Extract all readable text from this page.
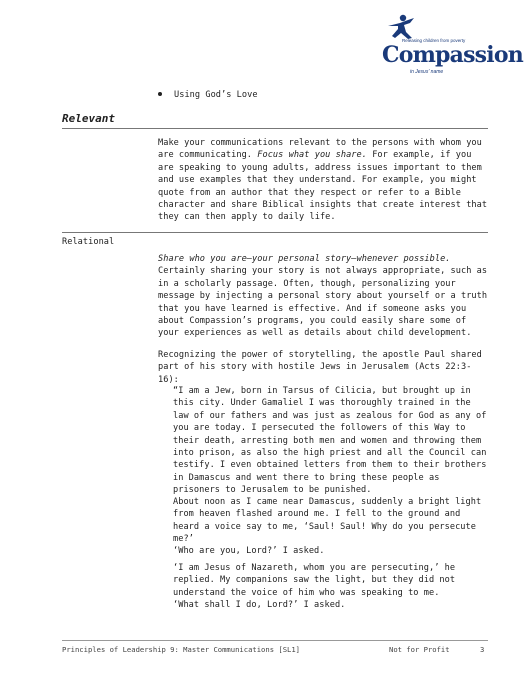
Releasing children from poverty
Compassion
in Jesus' name
Using God’s Love
Relevant
Make your communications relevant to the persons with whom you are communicating. Focus what you share. For example, if you are speaking to young adults, address issues important to them and use examples that they understand. For example, you might quote from an author that they respect or refer to a Bible character and share Biblical insights that create interest that they can then apply to daily life.
Relational
Share who you are—your personal story—whenever possible. Certainly sharing your story is not always appropriate, such as in a scholarly passage. Often, though, personalizing your message by injecting a personal story about yourself or a truth that you have learned is effective. And if someone asks you about Compassion’s programs, you could easily share some of your experiences as well as details about child development.
Recognizing the power of storytelling, the apostle Paul shared part of his story with hostile Jews in Jerusalem (Acts 22:3-16):
“I am a Jew, born in Tarsus of Cilicia, but brought up in this city. Under Gamaliel I was thoroughly trained in the law of our fathers and was just as zealous for God as any of you are today. I persecuted the followers of this Way to their death, arresting both men and women and throwing them into prison, as also the high priest and all the Council can testify. I even obtained letters from them to their brothers in Damascus and went there to bring these people as prisoners to Jerusalem to be punished.
About noon as I came near Damascus, suddenly a bright light from heaven flashed around me. I fell to the ground and heard a voice say to me, ‘Saul! Saul! Why do you persecute me?’
‘Who are you, Lord?’ I asked.
‘I am Jesus of Nazareth, whom you are persecuting,’ he replied. My companions saw the light, but they did not understand the voice of him who was speaking to me.
‘What shall I do, Lord?’ I asked.
Principles of Leadership 9: Master Communications [SL1]	Not for Profit	3
